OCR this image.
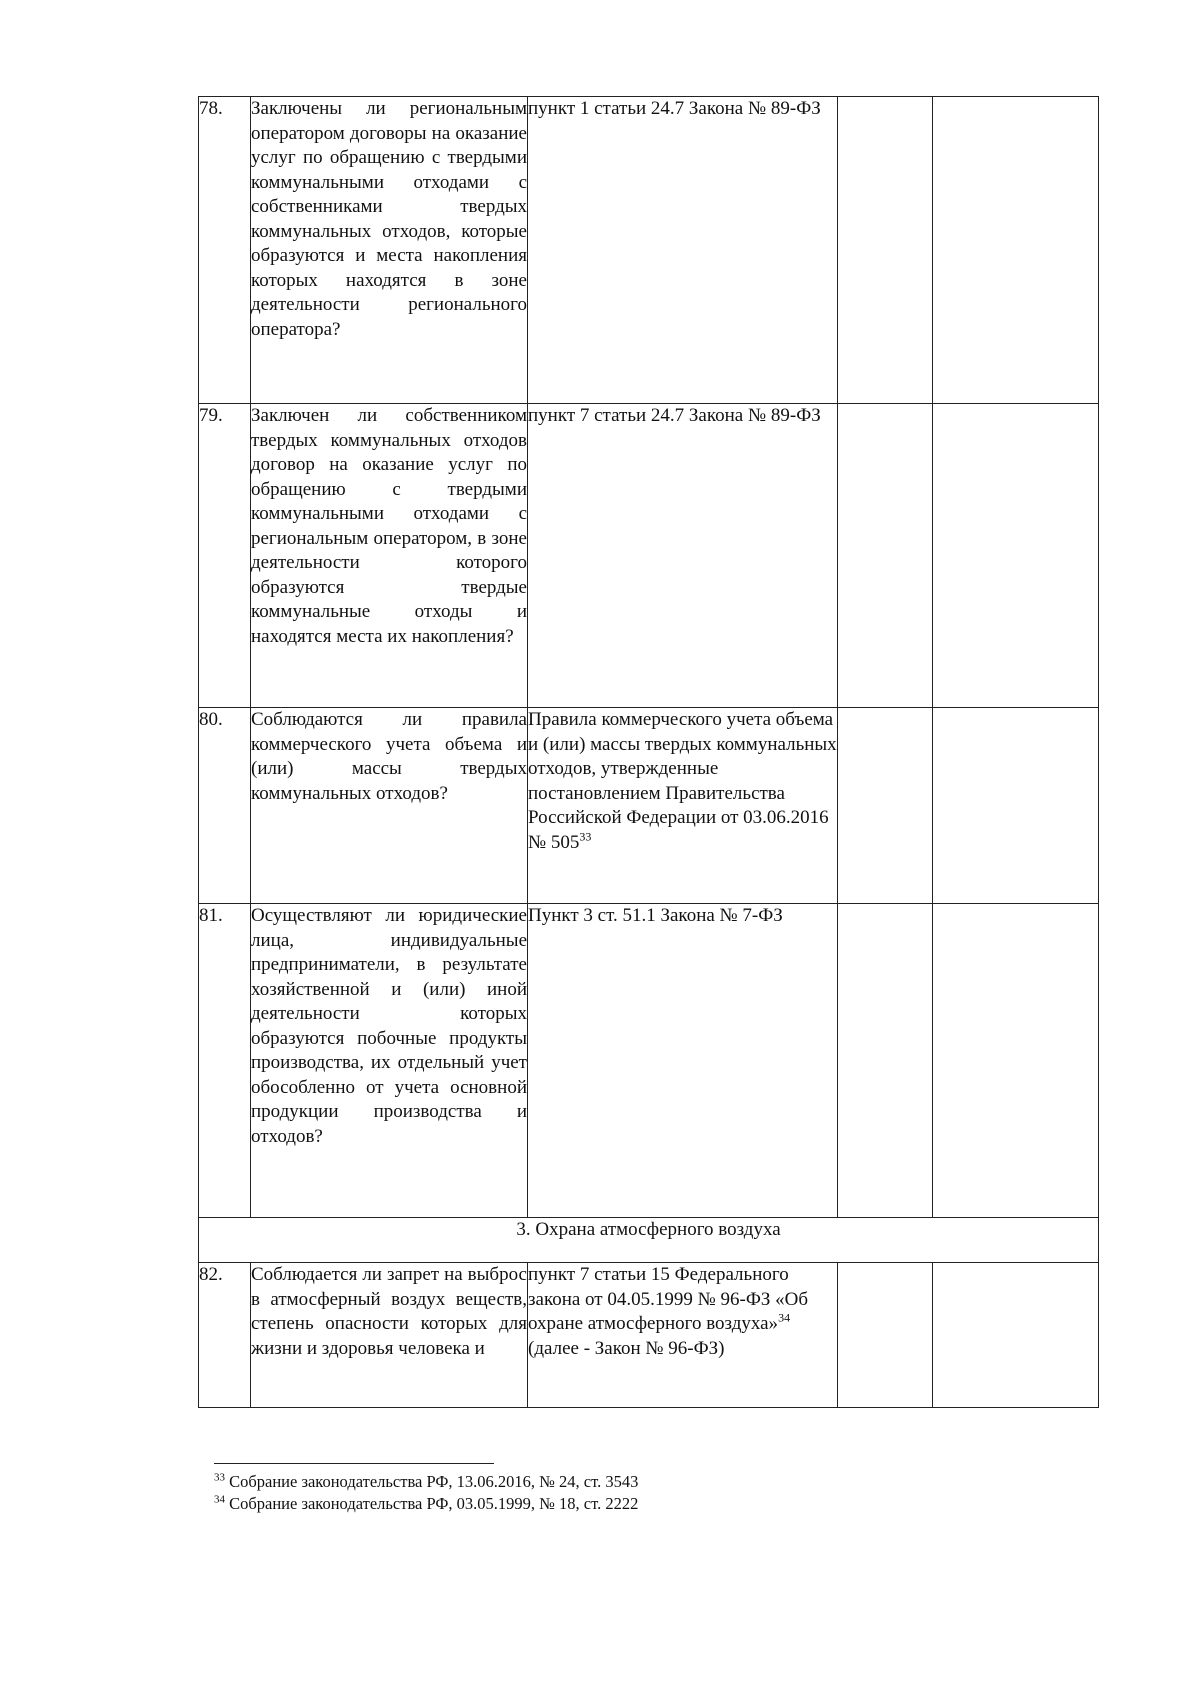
78.	Заключены ли региональным оператором договоры на оказание услуг по обращению с твердыми коммунальными отходами с собственниками твердых коммунальных отходов, которые образуются и места накопления которых находятся в зоне деятельности регионального оператора?	пункт 1 статьи 24.7 Закона № 89-ФЗ		
79.	Заключен ли собственником твердых коммунальных отходов договор на оказание услуг по обращению с твердыми коммунальными отходами с региональным оператором, в зоне деятельности которого образуются твердые коммунальные отходы и находятся места их накопления?	пункт 7 статьи 24.7 Закона № 89-ФЗ		
80.	Соблюдаются ли правила коммерческого учета объема и (или) массы твердых коммунальных отходов?	Правила коммерческого учета объема и (или) массы твердых коммунальных отходов, утвержденные постановлением Правительства Российской Федерации от 03.06.2016 № $505^{33}$		
81.	Осуществляют ли юридические лица, индивидуальные предприниматели, в результате хозяйственной и (или) иной деятельности которых образуются побочные продукты производства, их отдельный учет обособленно от учета основной продукции производства и отходов?	Пункт 3 ст. 51.1 Закона № 7-ФЗ		
3. Охрана атмосферного воздуха				
82.	Соблюдается ли запрет на выброс в атмосферный воздух веществ, степень опасности которых для жизни и здоровья человека и	пункт 7 статьи 15 Федерального закона от 04.05.1999 № 96-ФЗ «Об охране атмосферного воздуха»$^{34}$ (далее - Закон № 96-ФЗ)		
$^{33}$ Собрание законодательства РФ, 13.06.2016, № 24, ст. 3543
$^{34}$ Собрание законодательства РФ, 03.05.1999, № 18, ст. 2222
